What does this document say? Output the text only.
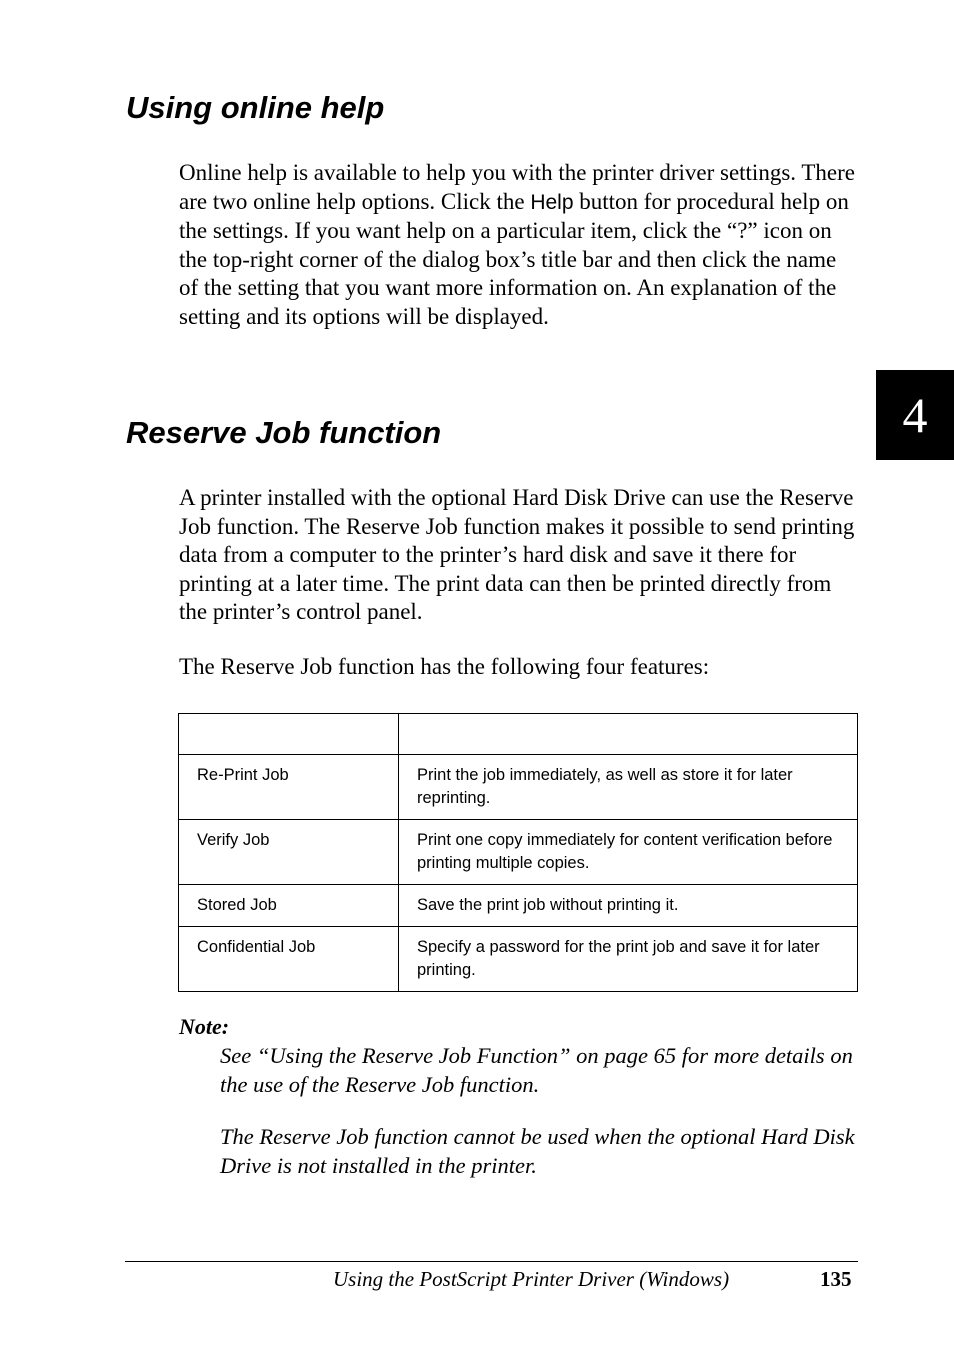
Using online help

Online help is available to help you with the printer driver settings. There are two online help options. Click the Help button for procedural help on the settings. If you want help on a particular item, click the “?” icon on the top-right corner of the dialog box’s title bar and then click the name of the setting that you want more information on. An explanation of the setting and its options will be displayed.

4
Reserve Job function

A printer installed with the optional Hard Disk Drive can use the Reserve Job function. The Reserve Job function makes it possible to send printing data from a computer to the printer’s hard disk and save it there for printing at a later time. The print data can then be printed directly from the printer’s control panel.

The Reserve Job function has the following four features:

Re-Print Job	Print the job immediately, as well as store it for later reprinting.
Verify Job	Print one copy immediately for content verification before printing multiple copies.
Stored Job	Save the print job without printing it.
Confidential Job	Specify a password for the print job and save it for later printing.

Note:

See “Using the Reserve Job Function” on page 65 for more details on the use of the Reserve Job function.

The Reserve Job function cannot be used when the optional Hard Disk Drive is not installed in the printer.

Using the PostScript Printer Driver (Windows)	135
